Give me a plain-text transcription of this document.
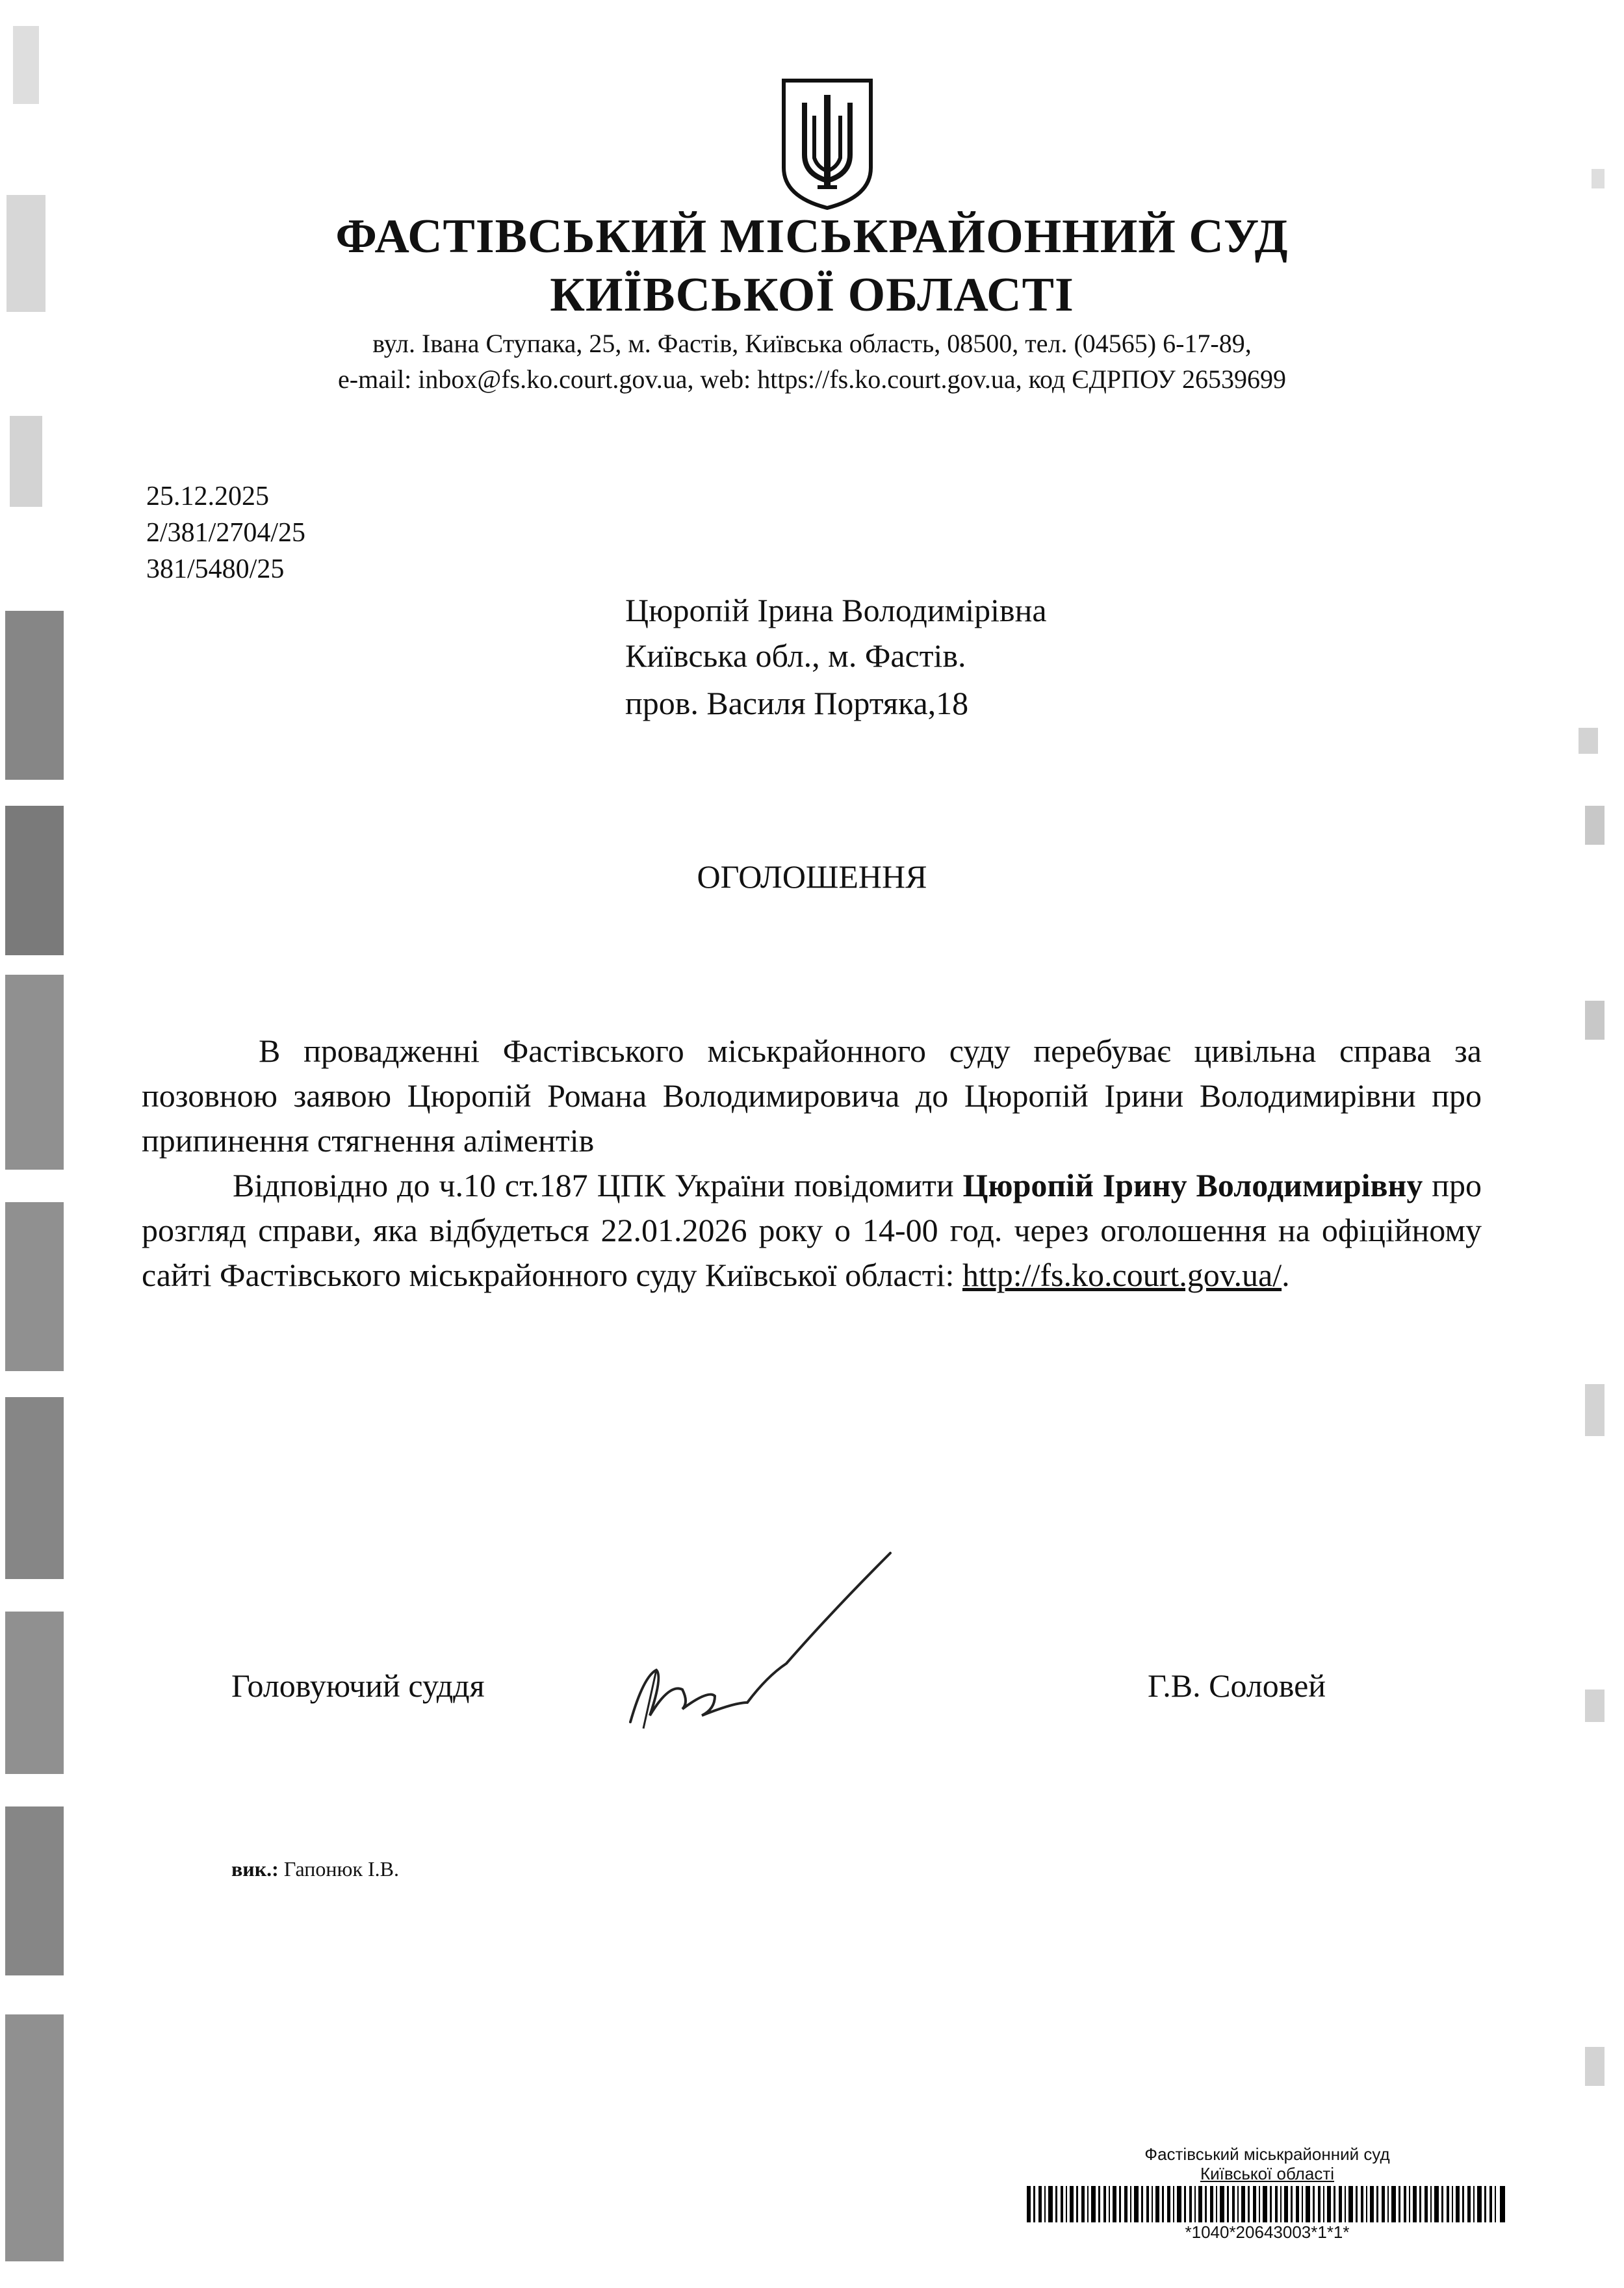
ФАСТІВСЬКИЙ МІСЬКРАЙОННИЙ СУД
КИЇВСЬКОЇ ОБЛАСТІ
вул. Івана Ступака, 25, м. Фастів, Київська область, 08500, тел. (04565) 6-17-89,
e-mail: inbox@fs.ko.court.gov.ua, web: https://fs.ko.court.gov.ua, код ЄДРПОУ 26539699
25.12.2025
2/381/2704/25
381/5480/25
Цюропій Ірина Володимірівна
Київська обл., м. Фастів.
пров. Василя Портяка,18
ОГОЛОШЕННЯ
В провадженні Фастівського міськрайонного суду перебуває цивільна справа за позовною заявою Цюропій Романа Володимировича до Цюропій Ірини Володимирівни про припинення стягнення аліментів
Відповідно до ч.10 ст.187 ЦПК України повідомити Цюропій Ірину Володимирівну про розгляд справи, яка відбудеться 22.01.2026 року о 14-00 год. через оголошення на офіційному сайті Фастівського міськрайонного суду Київської області: http://fs.ko.court.gov.ua/.
Головуючий суддя	Г.В. Соловей
вик.: Гапонюк І.В.
Фастівський міськрайонний суд
Київської області
*1040*20643003*1*1*
